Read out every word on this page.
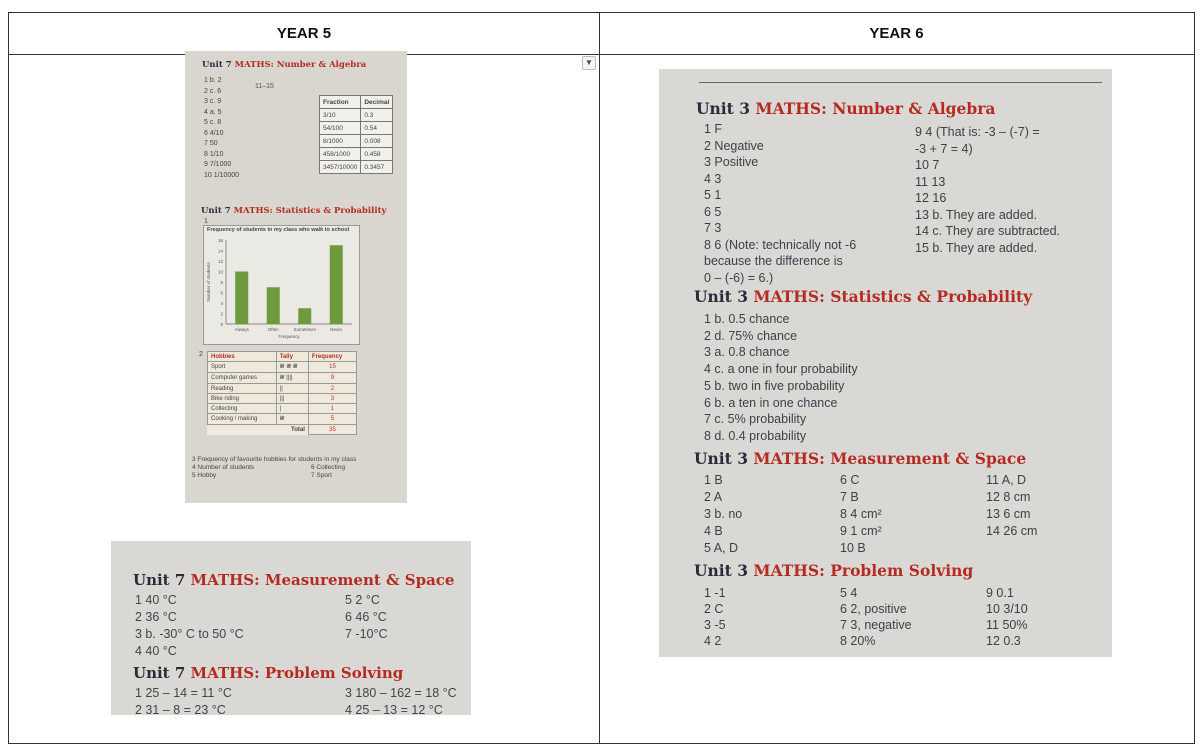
YEAR 5	YEAR 6
▼
Unit 7 MATHS: Number & Algebra
11–15
1 b. 2
2 c. 6
3 c. 9
4 a. 5
5 c. 8
6 4/10
7 50
8 1/10
9 7/1000
10 1/10000
Fraction	Decimal
3/10	0.3
54/100	0.54
8/1000	0.008
458/1000	0.458
3457/10000	0.3457
Unit 7 MATHS: Statistics & Probability
1
Frequency of students in my class who walk to school
16
14
12
10
8
6
4
2
0
Always	Often	Sometimes	Never
Frequency
Number of students
2 Hobbies	Tally	Frequency
Sport	𝍸 𝍸 𝍸	15
Computer games	𝍸 ||||	9
Reading	||	2
Bike riding	|||	3
Collecting	|	1
Cooking / making	𝍸	5
	Total	35
3 Frequency of favourite hobbies for students in my class
4 Number of students
5 Hobby
6 Collecting
7 Sport
Unit 7 MATHS: Measurement & Space
1 40 °C
2 36 °C
3 b. -30° C to 50 °C
4 40 °C
5 2 °C
6 46 °C
7 -10°C
Unit 7 MATHS: Problem Solving
1 25 – 14 = 11 °C
2 31 – 8 = 23 °C
3 180 – 162 = 18 °C
4 25 – 13 = 12 °C
Unit 3 MATHS: Number & Algebra
1 F
2 Negative
3 Positive
4 3
5 1
6 5
7 3
8 6 (Note: technically not -6
because the difference is
0 – (-6) = 6.)
9 4 (That is: -3 – (-7) =
-3 + 7 = 4)
10 7
11 13
12 16
13 b. They are added.
14 c. They are subtracted.
15 b. They are added.
Unit 3 MATHS: Statistics & Probability
1 b. 0.5 chance
2 d. 75% chance
3 a. 0.8 chance
4 c. a one in four probability
5 b. two in five probability
6 b. a ten in one chance
7 c. 5% probability
8 d. 0.4 probability
Unit 3 MATHS: Measurement & Space
1 B
2 A
3 b. no
4 B
5 A, D
6 C
7 B
8 4 cm²
9 1 cm²
10 B
11 A, D
12 8 cm
13 6 cm
14 26 cm
Unit 3 MATHS: Problem Solving
1 -1
2 C
3 -5
4 2
5 4
6 2, positive
7 3, negative
8 20%
9 0.1
10 3/10
11 50%
12 0.3
